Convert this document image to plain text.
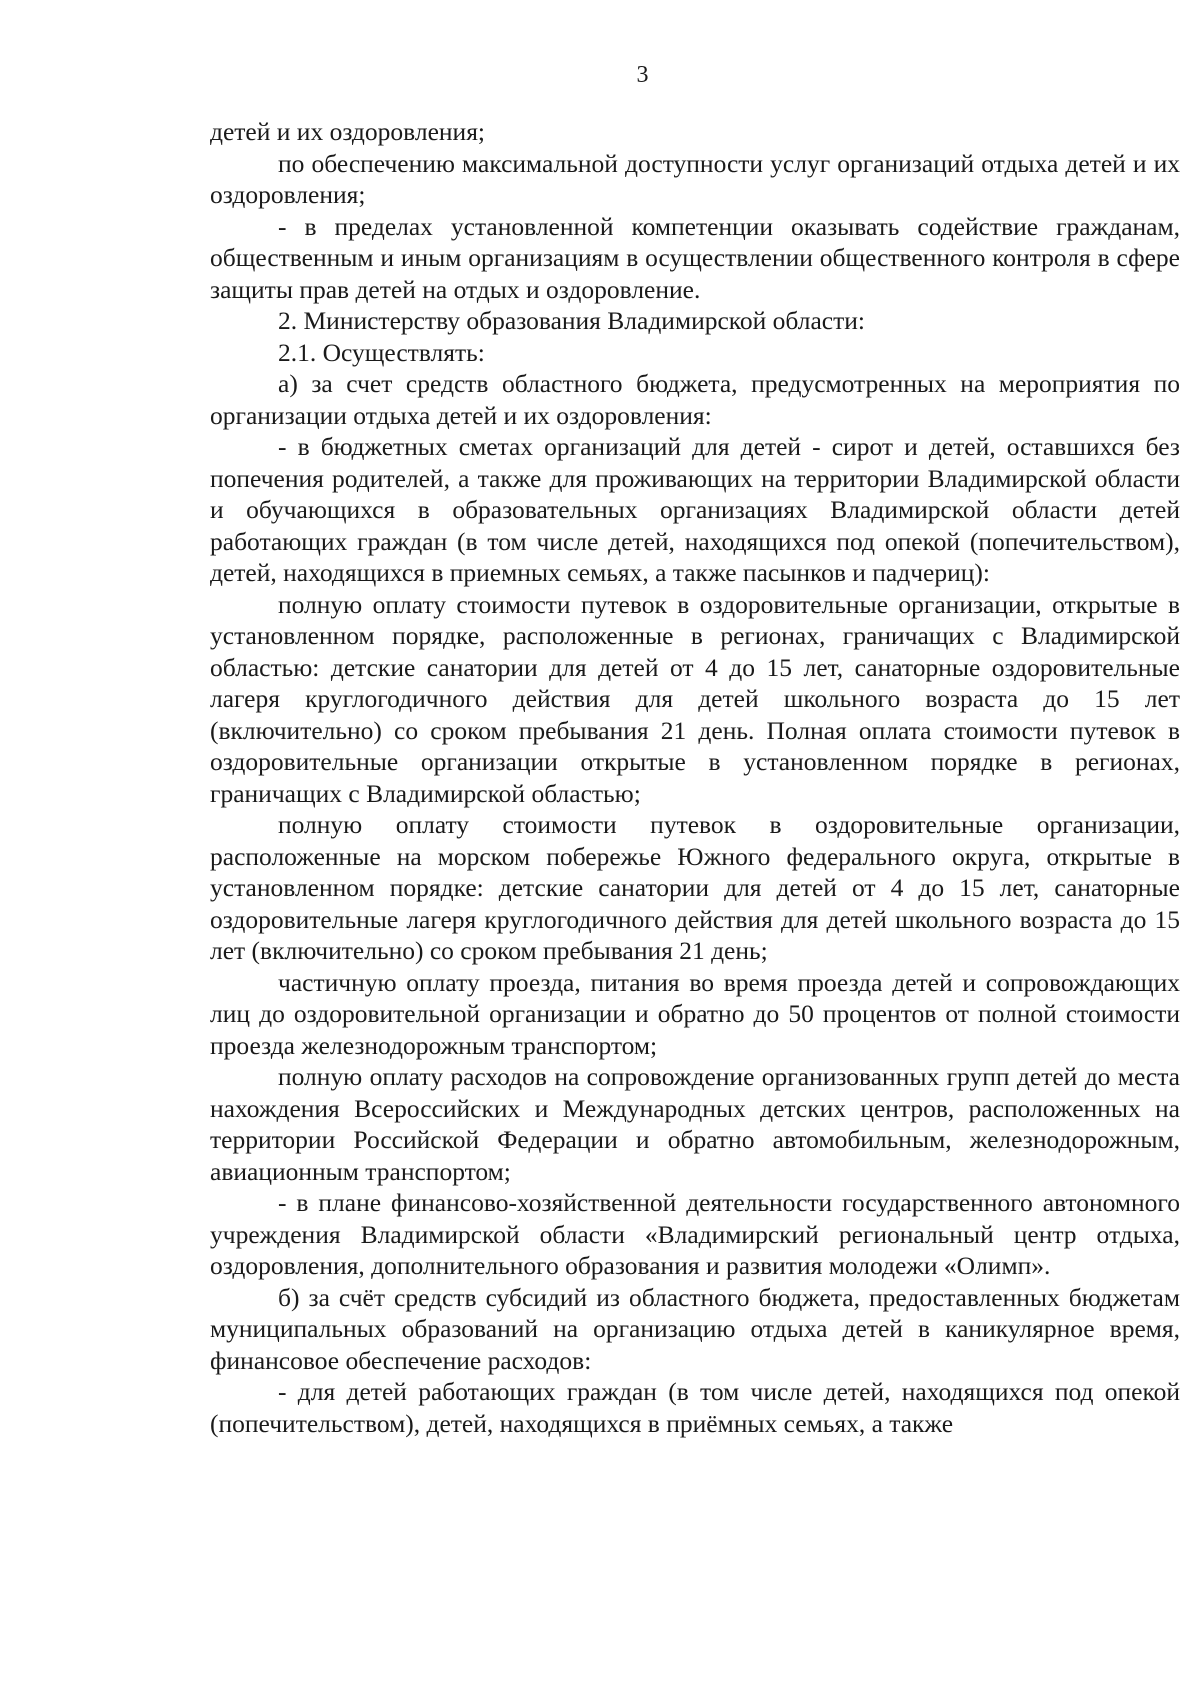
3

детей и их оздоровления;

по обеспечению максимальной доступности услуг организаций отдыха детей и их оздоровления;

- в пределах установленной компетенции оказывать содействие гражданам, общественным и иным организациям в осуществлении общественного контроля в сфере защиты прав детей на отдых и оздоровление.

2. Министерству образования Владимирской области:

2.1. Осуществлять:

а) за счет средств областного бюджета, предусмотренных на мероприятия по организации отдыха детей и их оздоровления:

- в бюджетных сметах организаций для детей - сирот и детей, оставшихся без попечения родителей, а также для проживающих на территории Владимирской области и обучающихся в образовательных организациях Владимирской области детей работающих граждан (в том числе детей, находящихся под опекой (попечительством), детей, находящихся в приемных семьях, а также пасынков и падчериц):

полную оплату стоимости путевок в оздоровительные организации, открытые в установленном порядке, расположенные в регионах, граничащих с Владимирской областью: детские санатории для детей от 4 до 15 лет, санаторные оздоровительные лагеря круглогодичного действия для детей школьного возраста до 15 лет (включительно) со сроком пребывания 21 день. Полная оплата стоимости путевок в оздоровительные организации открытые в установленном порядке в регионах, граничащих с Владимирской областью;

полную оплату стоимости путевок в оздоровительные организации, расположенные на морском побережье Южного федерального округа, открытые в установленном порядке: детские санатории для детей от 4 до 15 лет, санаторные оздоровительные лагеря круглогодичного действия для детей школьного возраста до 15 лет (включительно) со сроком пребывания 21 день;

частичную оплату проезда, питания во время проезда детей и сопровождающих лиц до оздоровительной организации и обратно до 50 процентов от полной стоимости проезда железнодорожным транспортом;

полную оплату расходов на сопровождение организованных групп детей до места нахождения Всероссийских и Международных детских центров, расположенных на территории Российской Федерации и обратно автомобильным, железнодорожным, авиационным транспортом;

- в плане финансово-хозяйственной деятельности государственного автономного учреждения Владимирской области «Владимирский региональный центр отдыха, оздоровления, дополнительного образования и развития молодежи «Олимп».

б) за счёт средств субсидий из областного бюджета, предоставленных бюджетам муниципальных образований на организацию отдыха детей в каникулярное время, финансовое обеспечение расходов:

- для детей работающих граждан (в том числе детей, находящихся под опекой (попечительством), детей, находящихся в приёмных семьях, а также
